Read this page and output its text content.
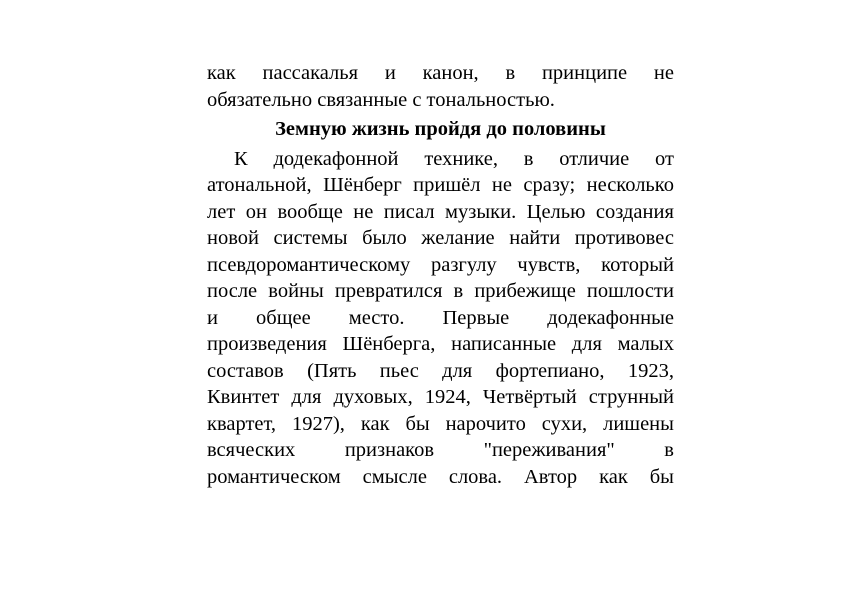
как пассакалья и канон, в принципе не
обязательно связанные с тональностью.
Земную жизнь пройдя до половины
К додекафонной технике, в отличие от
атональной, Шёнберг пришёл не сразу; несколько
лет он вообще не писал музыки. Целью создания
новой системы было желание найти противовес
псевдоромантическому разгулу чувств, который
после войны превратился в прибежище пошлости
и общее место. Первые додекафонные
произведения Шёнберга, написанные для малых
составов (Пять пьес для фортепиано, 1923,
Квинтет для духовых, 1924, Четвёртый струнный
квартет, 1927), как бы нарочито сухи, лишены
всяческих признаков "переживания" в
романтическом смысле слова. Автор как бы
